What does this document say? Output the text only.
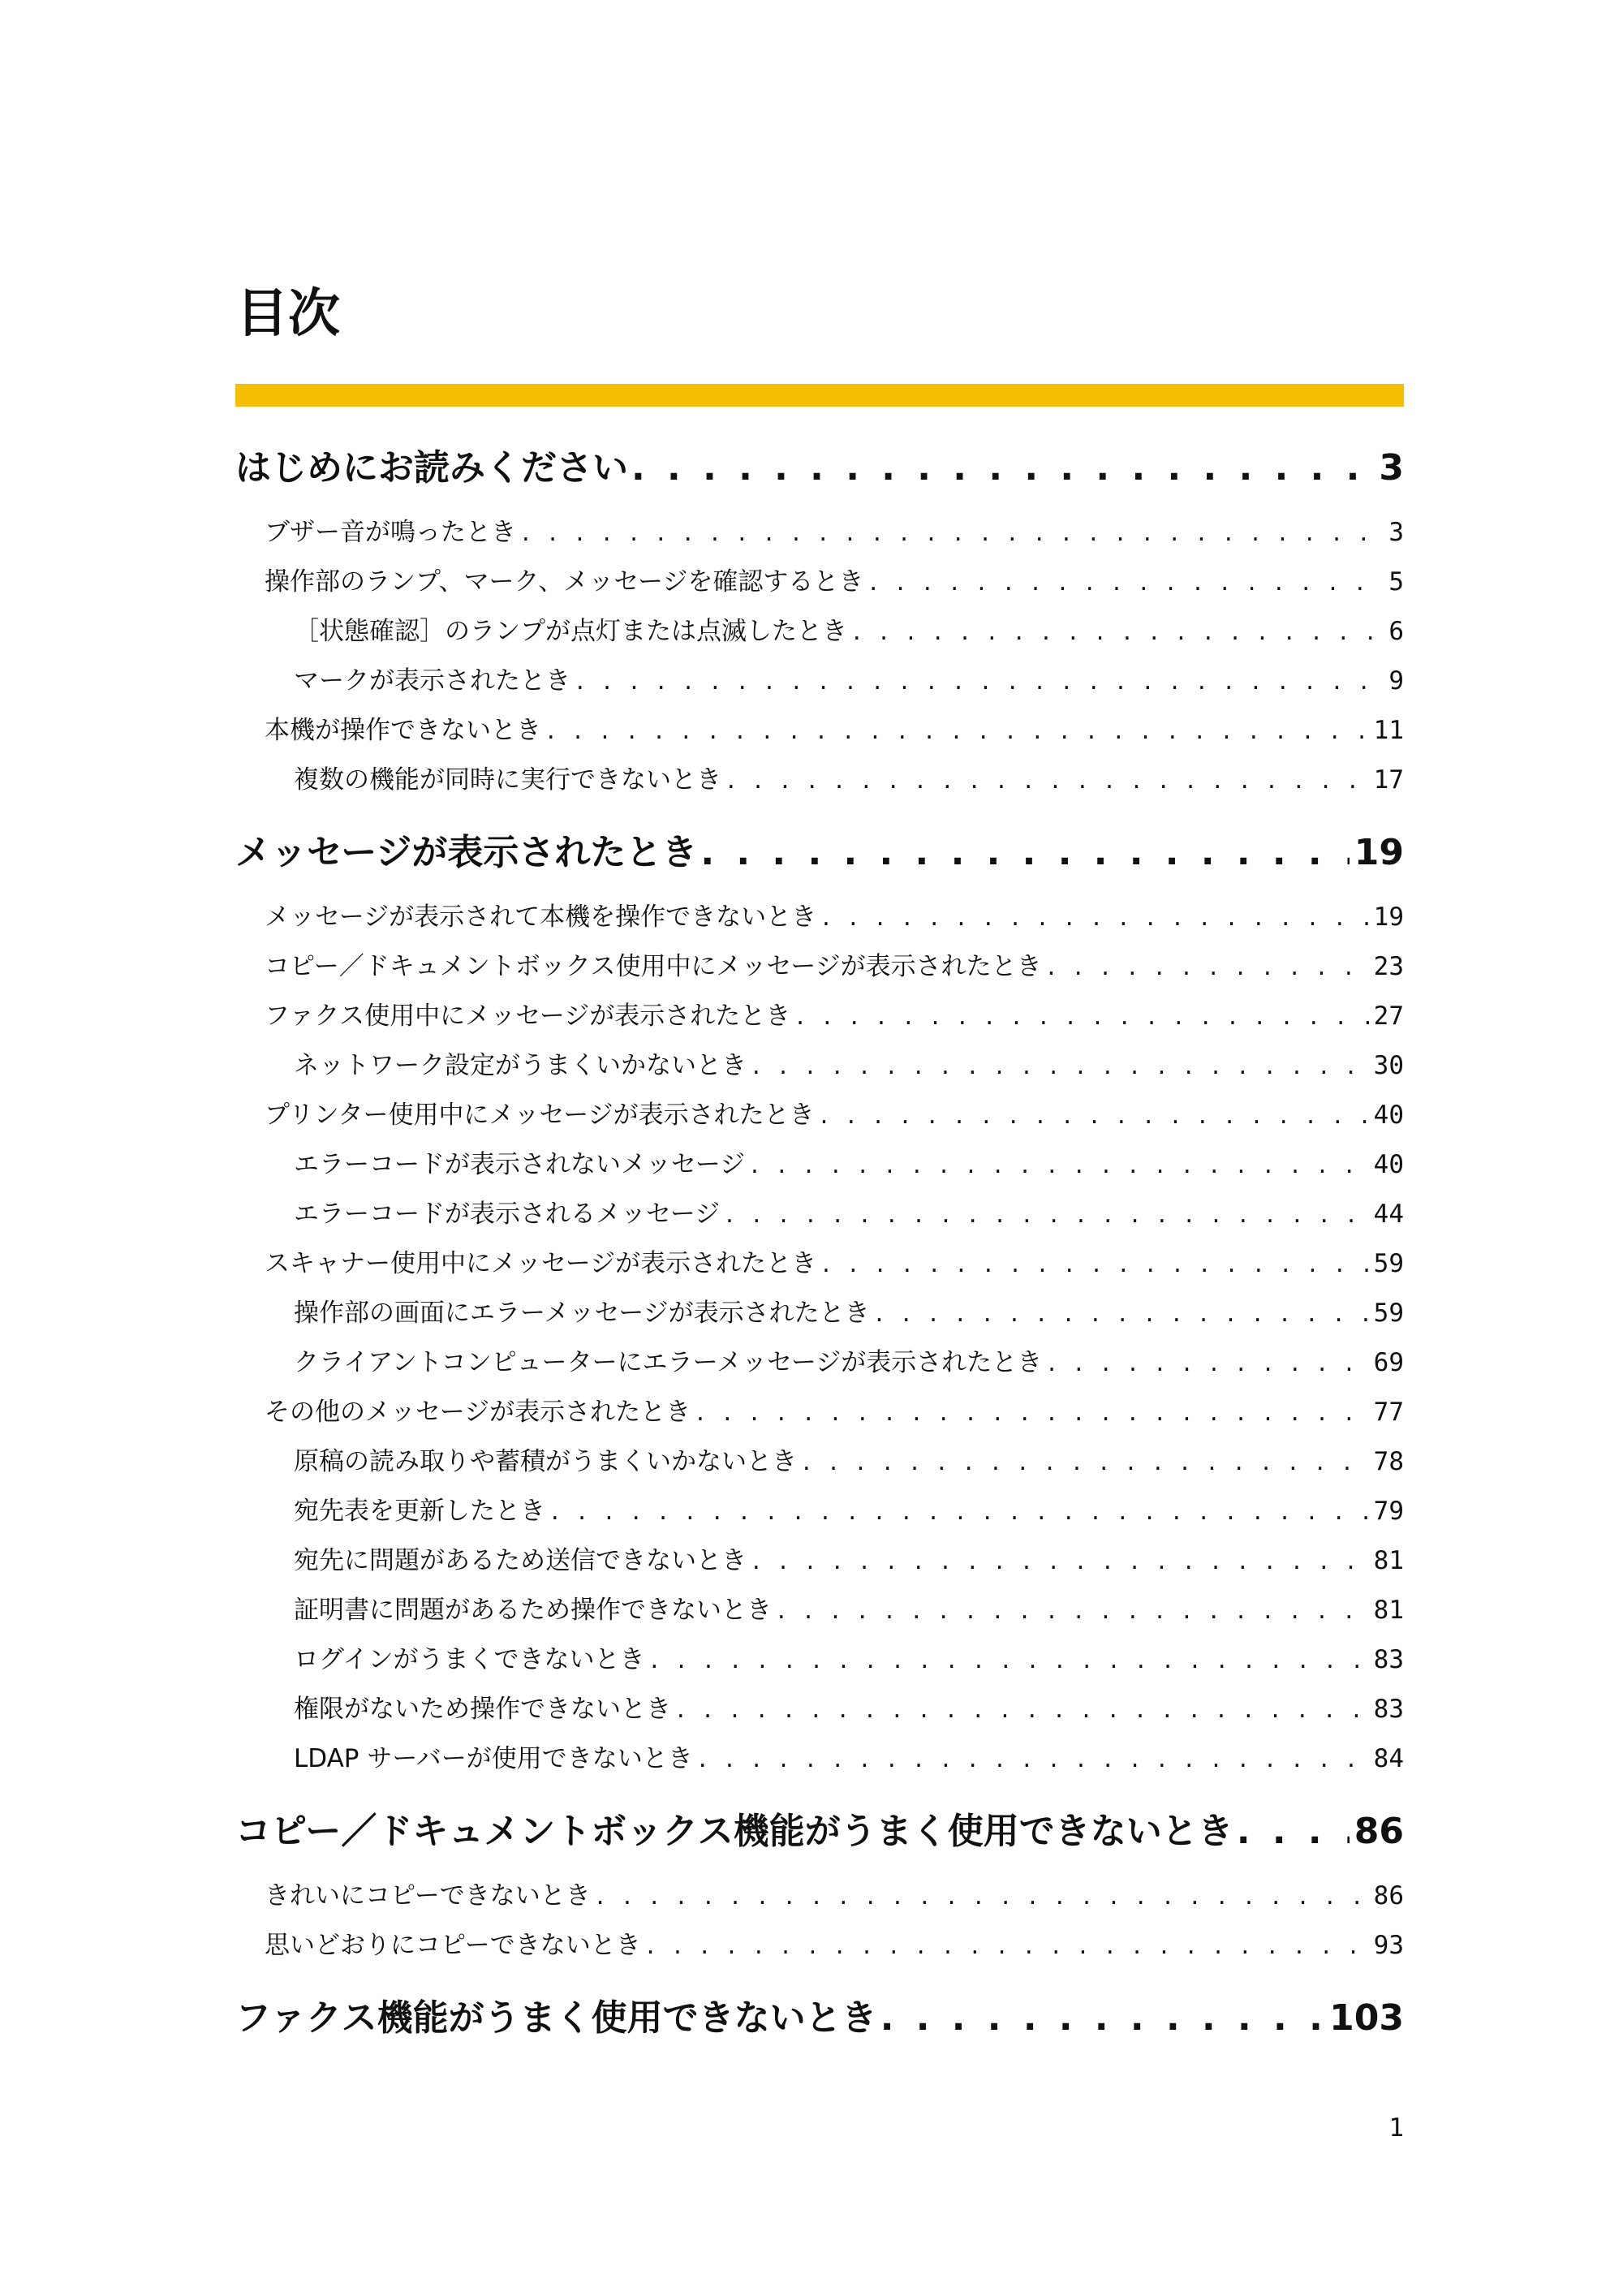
目次
はじめにお読みください . . .	3
ブザー音が鳴ったとき . . .	3
操作部のランプ、マーク、メッセージを確認するとき . . .	5
［状態確認］のランプが点灯または点滅したとき . . .	6
マークが表示されたとき . . .	9
本機が操作できないとき . . .	11
複数の機能が同時に実行できないとき . . .	17
メッセージが表示されたとき . . .	19
メッセージが表示されて本機を操作できないとき . . .	19
コピー／ドキュメントボックス使用中にメッセージが表示されたとき . . .	23
ファクス使用中にメッセージが表示されたとき . . .	27
ネットワーク設定がうまくいかないとき . . .	30
プリンター使用中にメッセージが表示されたとき . . .	40
エラーコードが表示されないメッセージ . . .	40
エラーコードが表示されるメッセージ . . .	44
スキャナー使用中にメッセージが表示されたとき . . .	59
操作部の画面にエラーメッセージが表示されたとき . . .	59
クライアントコンピューターにエラーメッセージが表示されたとき . . .	69
その他のメッセージが表示されたとき . . .	77
原稿の読み取りや蓄積がうまくいかないとき . . .	78
宛先表を更新したとき . . .	79
宛先に問題があるため送信できないとき . . .	81
証明書に問題があるため操作できないとき . . .	81
ログインがうまくできないとき . . .	83
権限がないため操作できないとき . . .	83
LDAP サーバーが使用できないとき . . .	84
コピー／ドキュメントボックス機能がうまく使用できないとき . . .	86
きれいにコピーできないとき . . .	86
思いどおりにコピーできないとき . . .	93
ファクス機能がうまく使用できないとき . . .	103
1
